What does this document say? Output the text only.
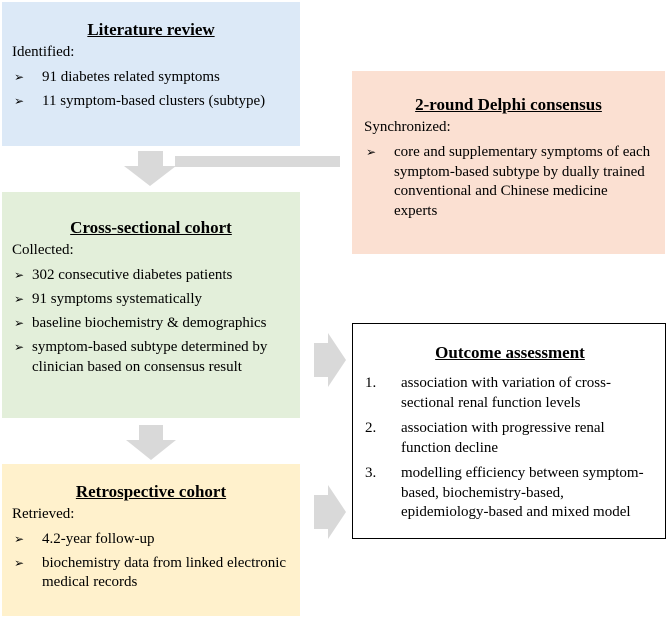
Literature review
Identified:
➢ 91 diabetes related symptoms
➢ 11 symptom-based clusters (subtype)	2-round Delphi consensus
Synchronized:
➢ core and supplementary symptoms of each symptom-based subtype by dually trained conventional and Chinese medicine experts
Cross-sectional cohort
Collected:
➢ 302 consecutive diabetes patients
➢ 91 symptoms systematically
➢ baseline biochemistry & demographics
➢ symptom-based subtype determined by clinician based on consensus result
Retrospective cohort
Retrieved:
➢ 4.2-year follow-up
➢ biochemistry data from linked electronic medical records
Outcome assessment
1. association with variation of cross-sectional renal function levels
2. association with progressive renal function decline
3. modelling efficiency between symptom-based, biochemistry-based, epidemiology-based and mixed model
